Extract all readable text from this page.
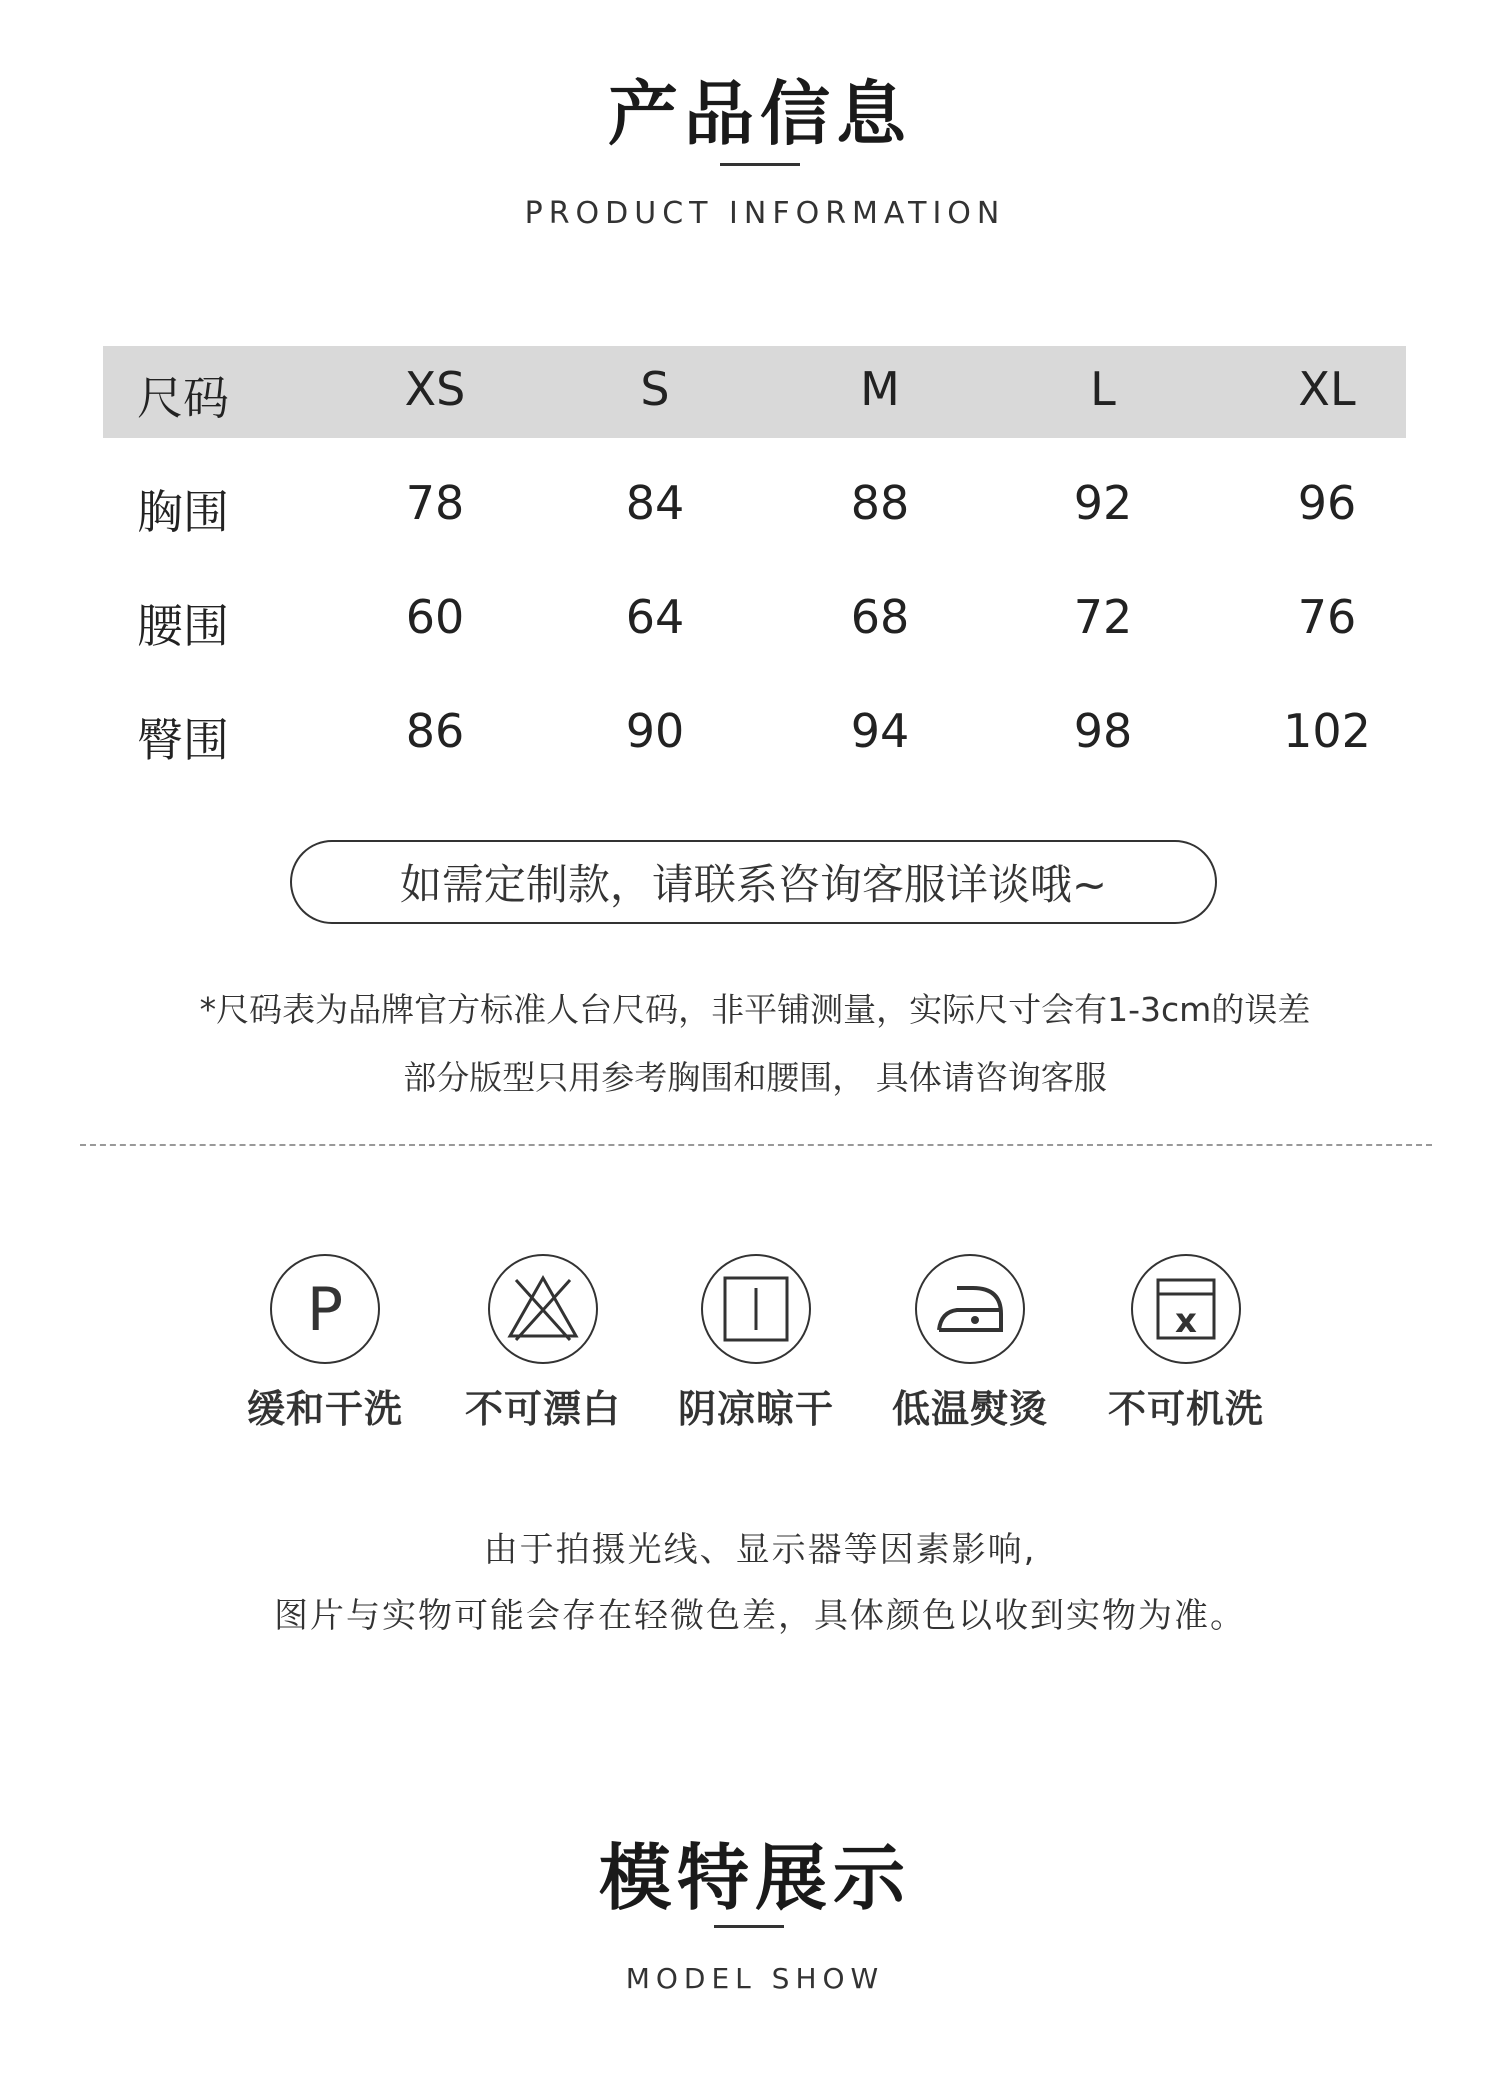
产品信息
PRODUCT INFORMATION
尺码	XS	S	M	L	XL
胸围	78	84	88	92	96
腰围	60	64	68	72	76
臀围	86	90	94	98	102
如需定制款，请联系咨询客服详谈哦~
*尺码表为品牌官方标准人台尺码，非平铺测量，实际尺寸会有1-3cm的误差
部分版型只用参考胸围和腰围， 具体请咨询客服
P
缓和干洗	不可漂白	阴凉晾干	低温熨烫
x
不可机洗
由于拍摄光线、显示器等因素影响,
图片与实物可能会存在轻微色差，具体颜色以收到实物为准。
模特展示
MODEL SHOW
